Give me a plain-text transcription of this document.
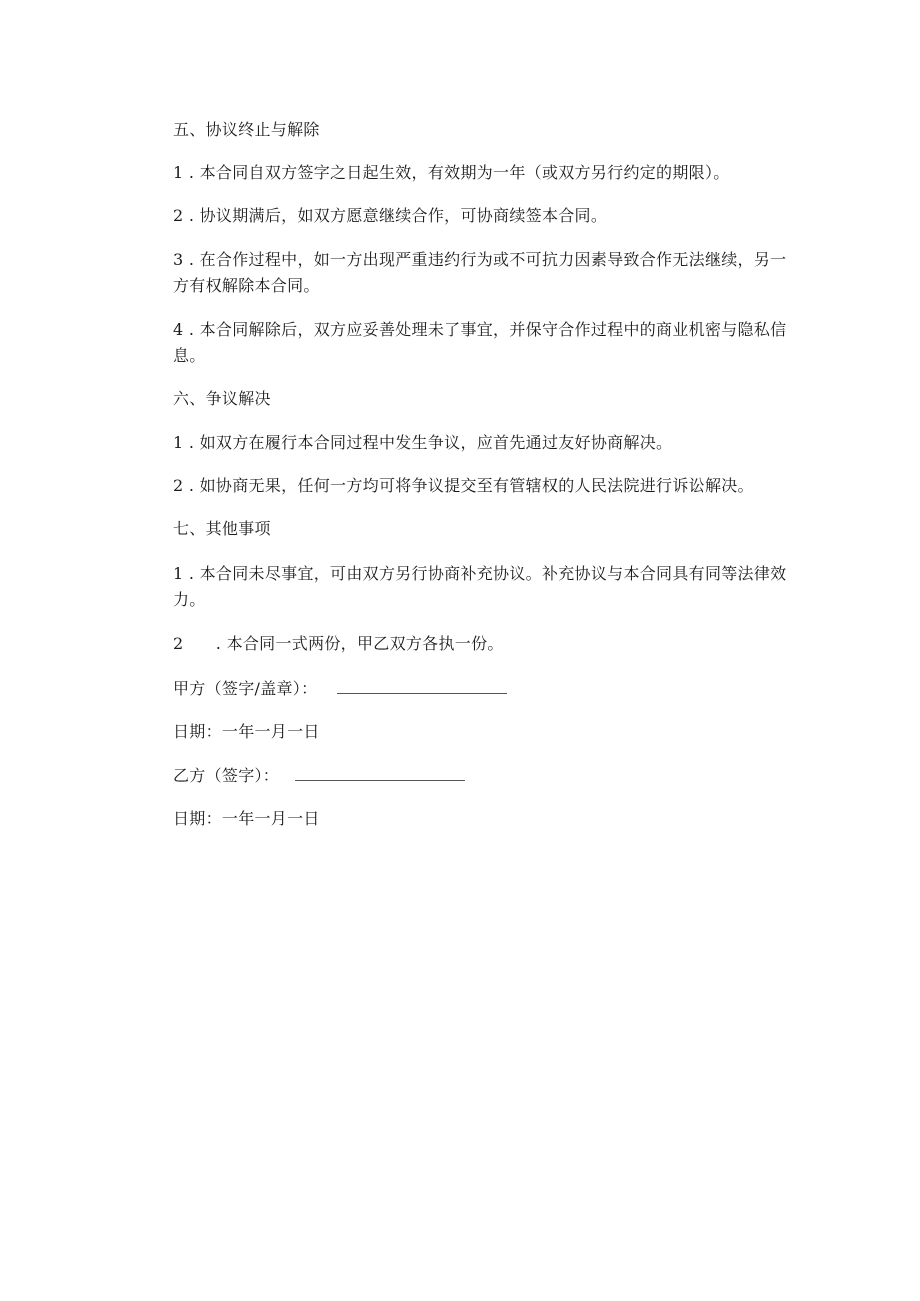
五、协议终止与解除
1 . 本合同自双方签字之日起生效，有效期为一年（或双方另行约定的期限）。
2 . 协议期满后，如双方愿意继续合作，可协商续签本合同。
3 . 在合作过程中，如一方出现严重违约行为或不可抗力因素导致合作无法继续，另一方有权解除本合同。
4 . 本合同解除后，双方应妥善处理未了事宜，并保守合作过程中的商业机密与隐私信息。
六、争议解决
1 . 如双方在履行本合同过程中发生争议，应首先通过友好协商解决。
2 . 如协商无果，任何一方均可将争议提交至有管辖权的人民法院进行诉讼解决。
七、其他事项
1 . 本合同未尽事宜，可由双方另行协商补充协议。补充协议与本合同具有同等法律效力。
2      . 本合同一式两份，甲乙双方各执一份。
甲方（签字/盖章）：
日期：一年一月一日
乙方（签字）：
日期：一年一月一日
